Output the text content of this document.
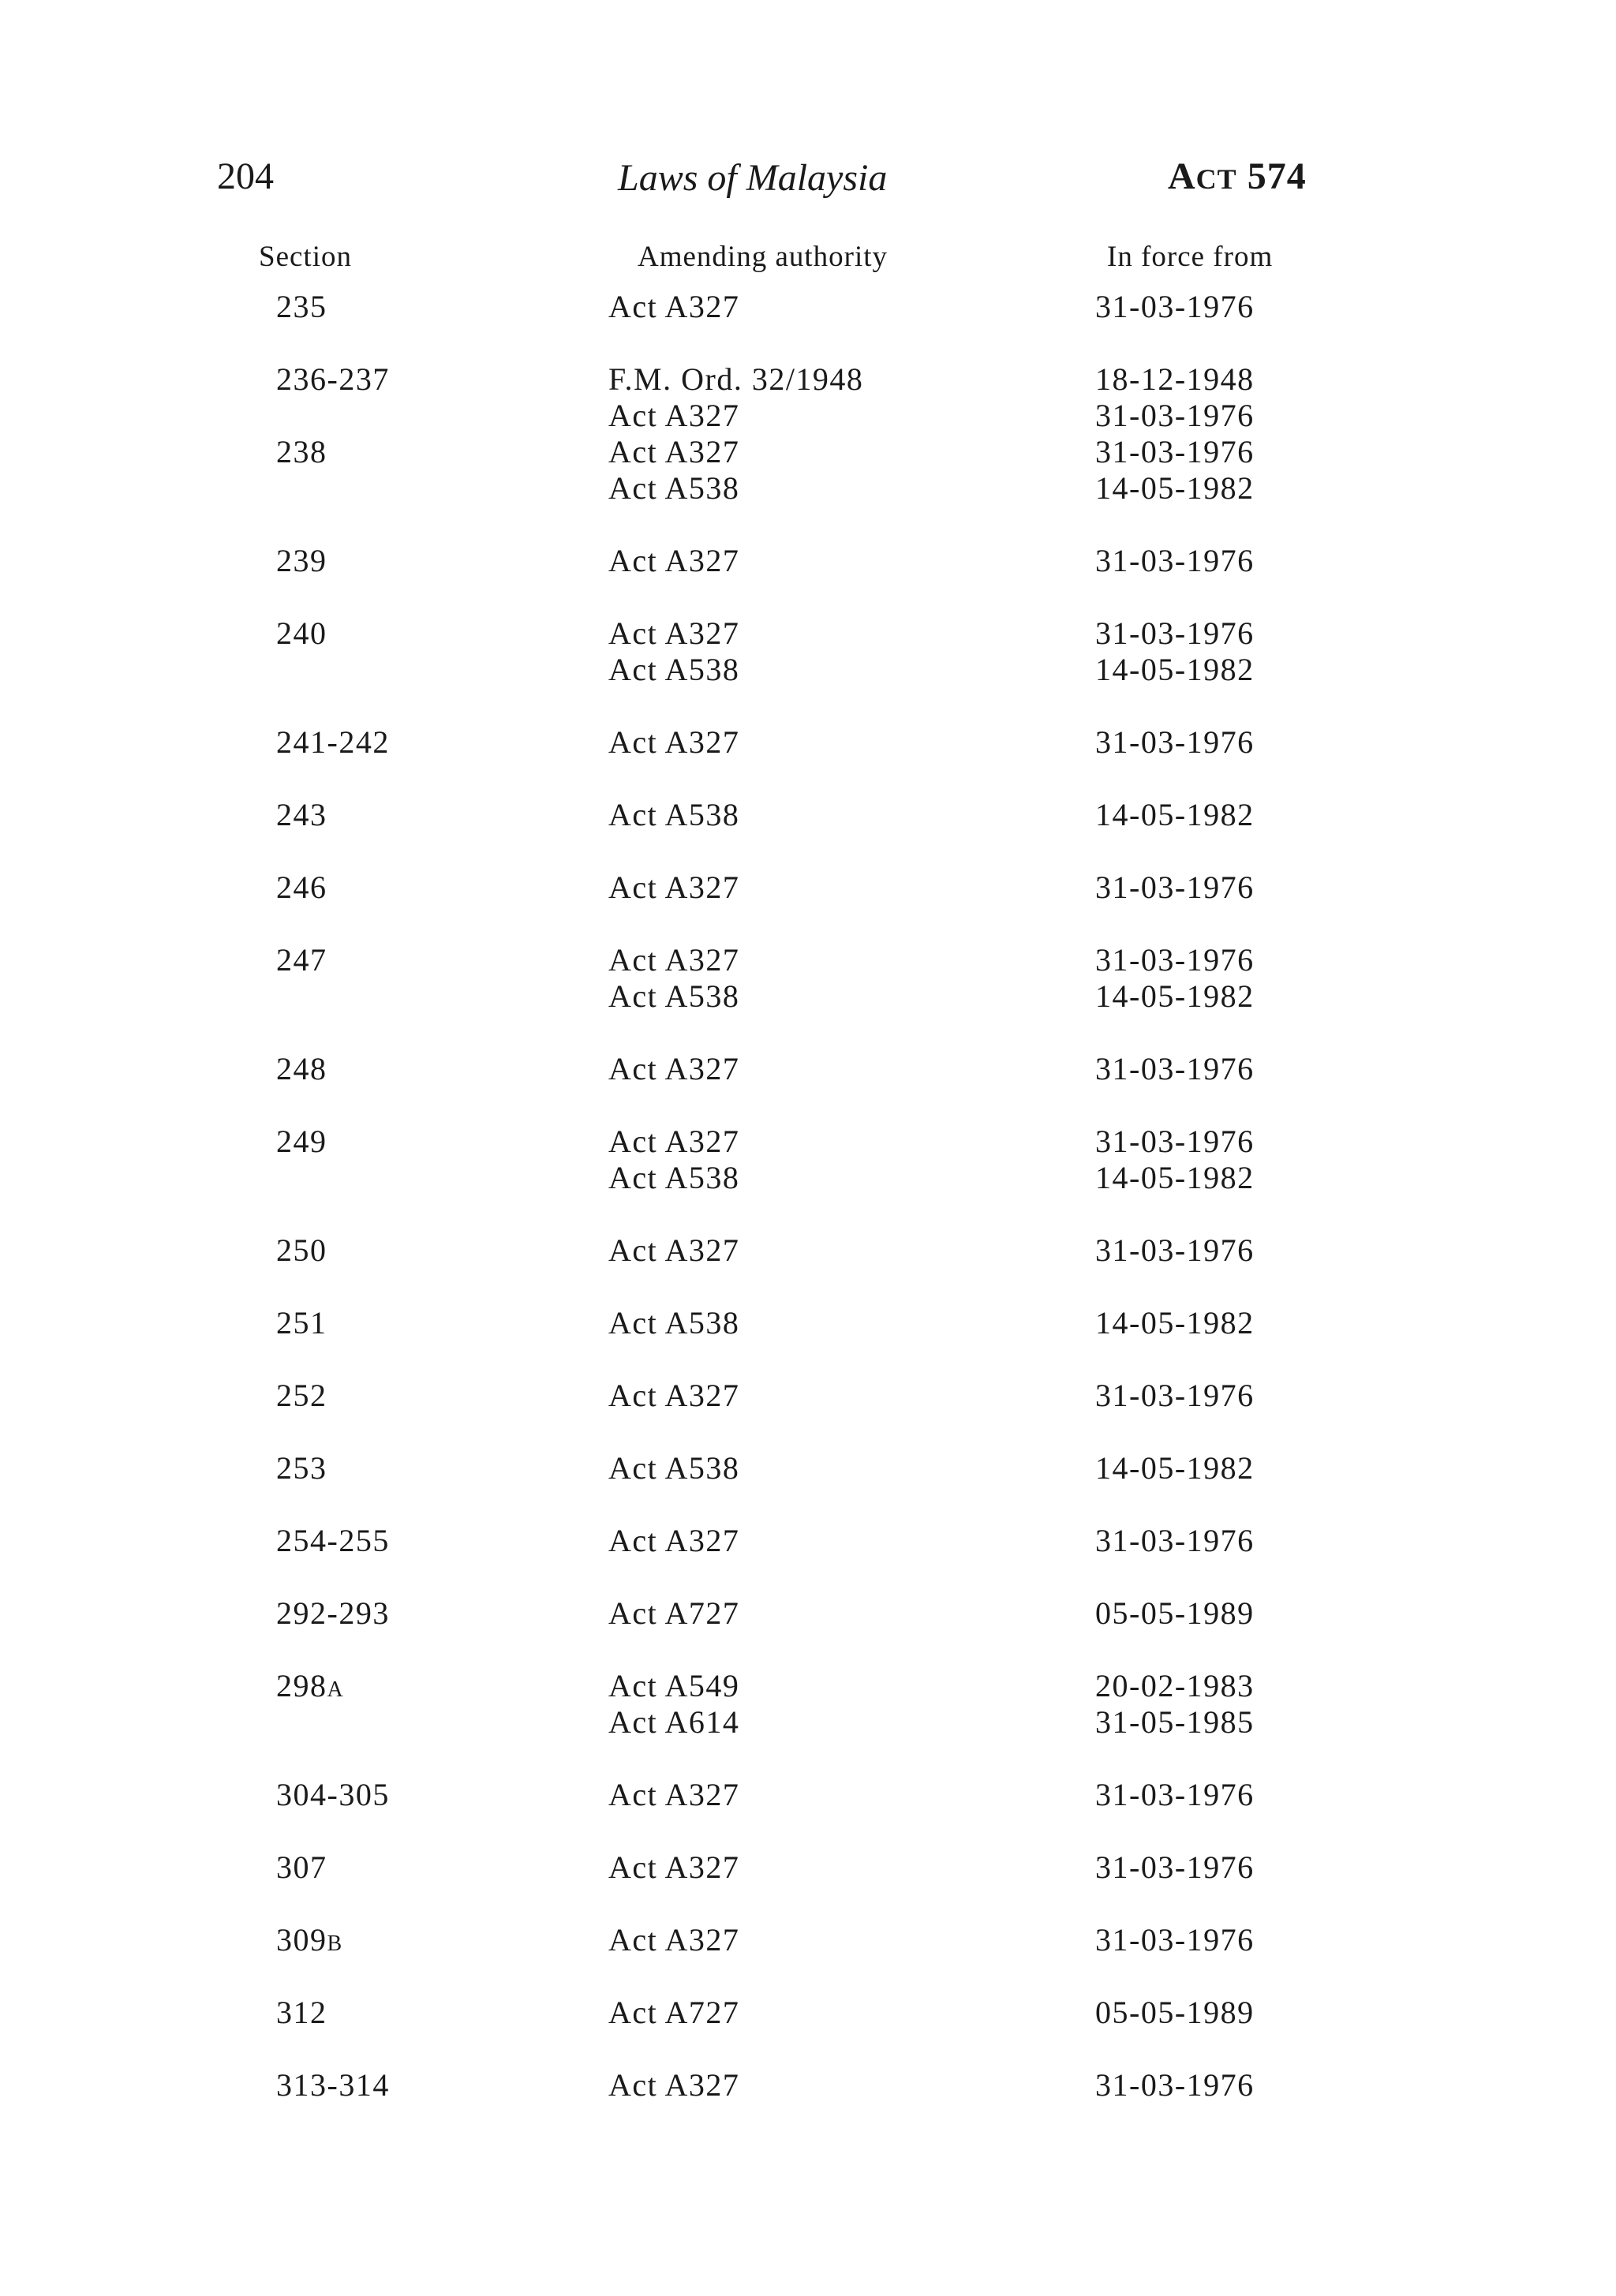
204	Laws of Malaysia	ACT 574
Section	Amending authority	In force from
235	Act A327	31-03-1976
236-237	F.M. Ord. 32/1948	18-12-1948
Act A327	31-03-1976
238	Act A327	31-03-1976
Act A538	14-05-1982
239	Act A327	31-03-1976
240	Act A327	31-03-1976
Act A538	14-05-1982
241-242	Act A327	31-03-1976
243	Act A538	14-05-1982
246	Act A327	31-03-1976
247	Act A327	31-03-1976
Act A538	14-05-1982
248	Act A327	31-03-1976
249	Act A327	31-03-1976
Act A538	14-05-1982
250	Act A327	31-03-1976
251	Act A538	14-05-1982
252	Act A327	31-03-1976
253	Act A538	14-05-1982
254-255	Act A327	31-03-1976
292-293	Act A727	05-05-1989
298A	Act A549	20-02-1983
Act A614	31-05-1985
304-305	Act A327	31-03-1976
307	Act A327	31-03-1976
309B	Act A327	31-03-1976
312	Act A727	05-05-1989
313-314	Act A327	31-03-1976
